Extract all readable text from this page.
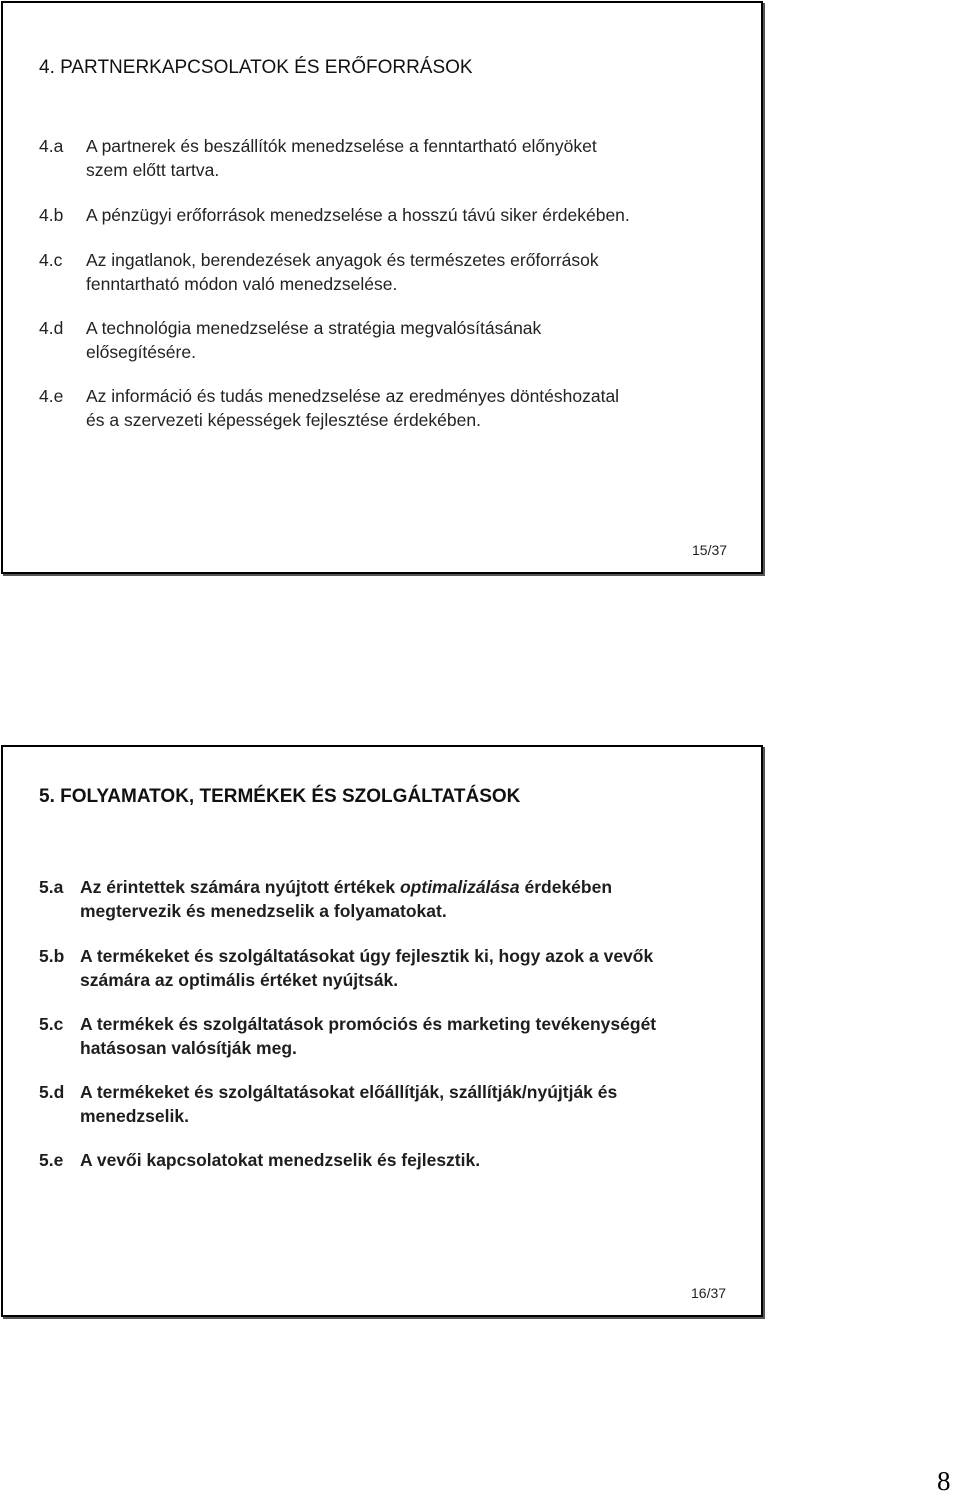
4. PARTNERKAPCSOLATOK ÉS ERŐFORRÁSOK
4.a A partnerek és beszállítók menedzselése a fenntartható előnyöket
szem előtt tartva.
4.b A pénzügyi erőforrások menedzselése a hosszú távú siker érdekében.
4.c Az ingatlanok, berendezések anyagok és természetes erőforrások
fenntartható módon való menedzselése.
4.d A technológia menedzselése a stratégia megvalósításának
elősegítésére.
4.e Az információ és tudás menedzselése az eredményes döntéshozatal
és a szervezeti képességek fejlesztése érdekében.
15/37
5. FOLYAMATOK, TERMÉKEK ÉS SZOLGÁLTATÁSOK
5.a Az érintettek számára nyújtott értékek optimalizálása érdekében
megtervezik és menedzselik a folyamatokat.
5.b A termékeket és szolgáltatásokat úgy fejlesztik ki, hogy azok a vevők
számára az optimális értéket nyújtsák.
5.c A termékek és szolgáltatások promóciós és marketing tevékenységét
hatásosan valósítják meg.
5.d A termékeket és szolgáltatásokat előállítják, szállítják/nyújtják és
menedzselik.
5.e A vevői kapcsolatokat menedzselik és fejlesztik.
16/37
8
